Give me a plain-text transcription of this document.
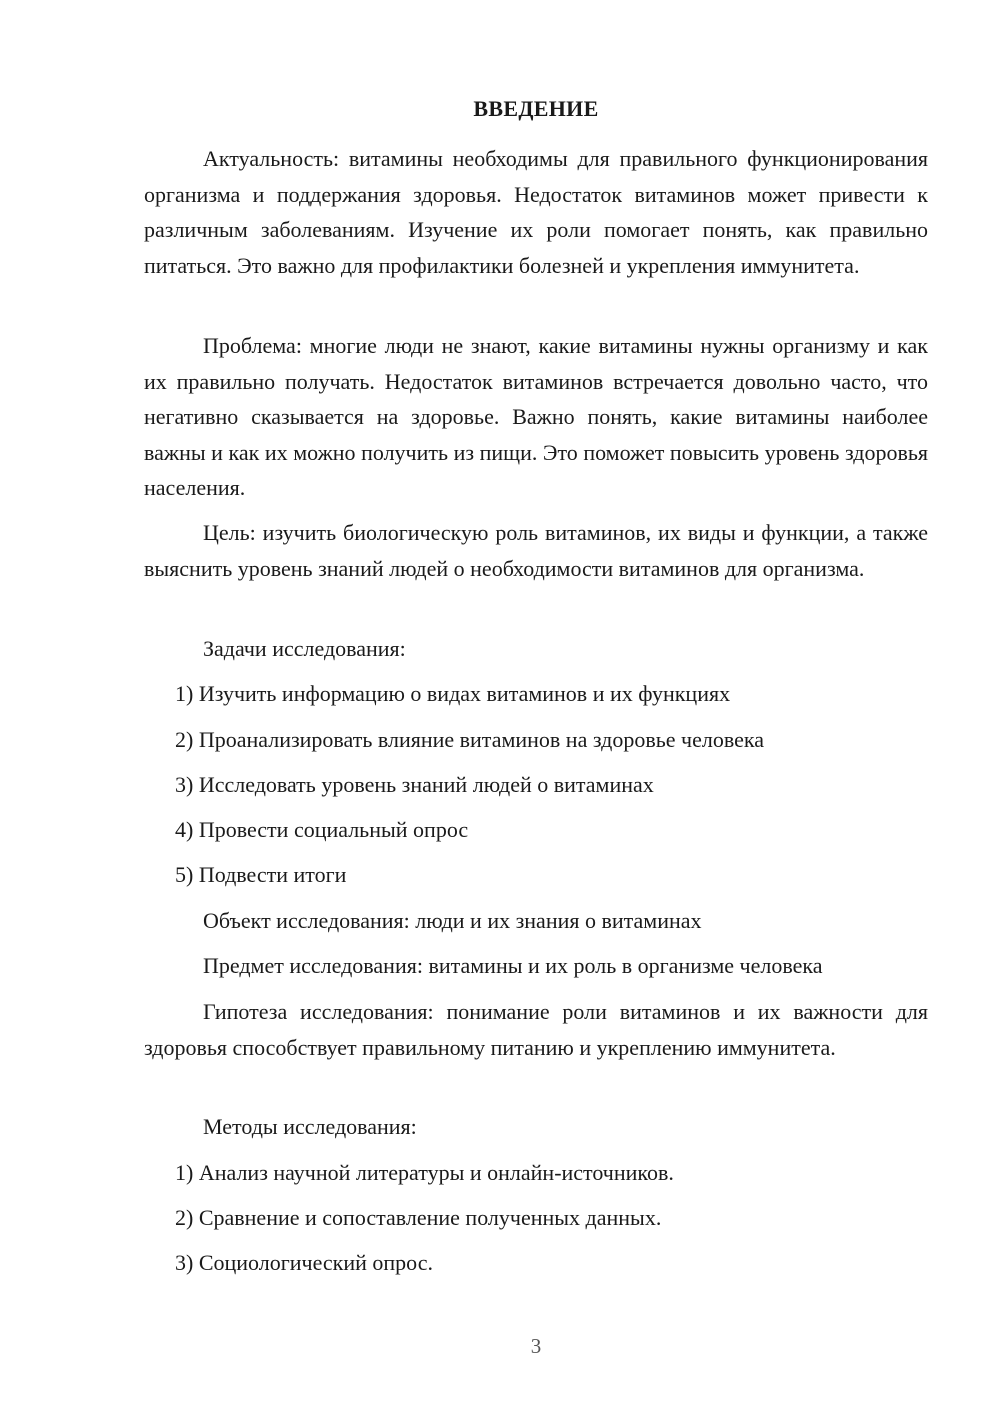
ВВЕДЕНИЕ

Актуальность: витамины необходимы для правильного функционирования организма и поддержания здоровья. Недостаток витаминов может привести к различным заболеваниям. Изучение их роли помогает понять, как правильно питаться. Это важно для профилактики болезней и укрепления иммунитета.

Проблема: многие люди не знают, какие витамины нужны организму и как их правильно получать. Недостаток витаминов встречается довольно часто, что негативно сказывается на здоровье. Важно понять, какие витамины наиболее важны и как их можно получить из пищи. Это поможет повысить уровень здоровья населения.

Цель: изучить биологическую роль витаминов, их виды и функции, а также выяснить уровень знаний людей о необходимости витаминов для организма.

Задачи исследования:
1) Изучить информацию о видах витаминов и их функциях
2) Проанализировать влияние витаминов на здоровье человека
3) Исследовать уровень знаний людей о витаминах
4) Провести социальный опрос
5) Подвести итоги
Объект исследования: люди и их знания о витаминах
Предмет исследования: витамины и их роль в организме человека

Гипотеза исследования: понимание роли витаминов и их важности для здоровья способствует правильному питанию и укреплению иммунитета.

Методы исследования:
1) Анализ научной литературы и онлайн-источников.
2) Сравнение и сопоставление полученных данных.
3) Социологический опрос.
3
